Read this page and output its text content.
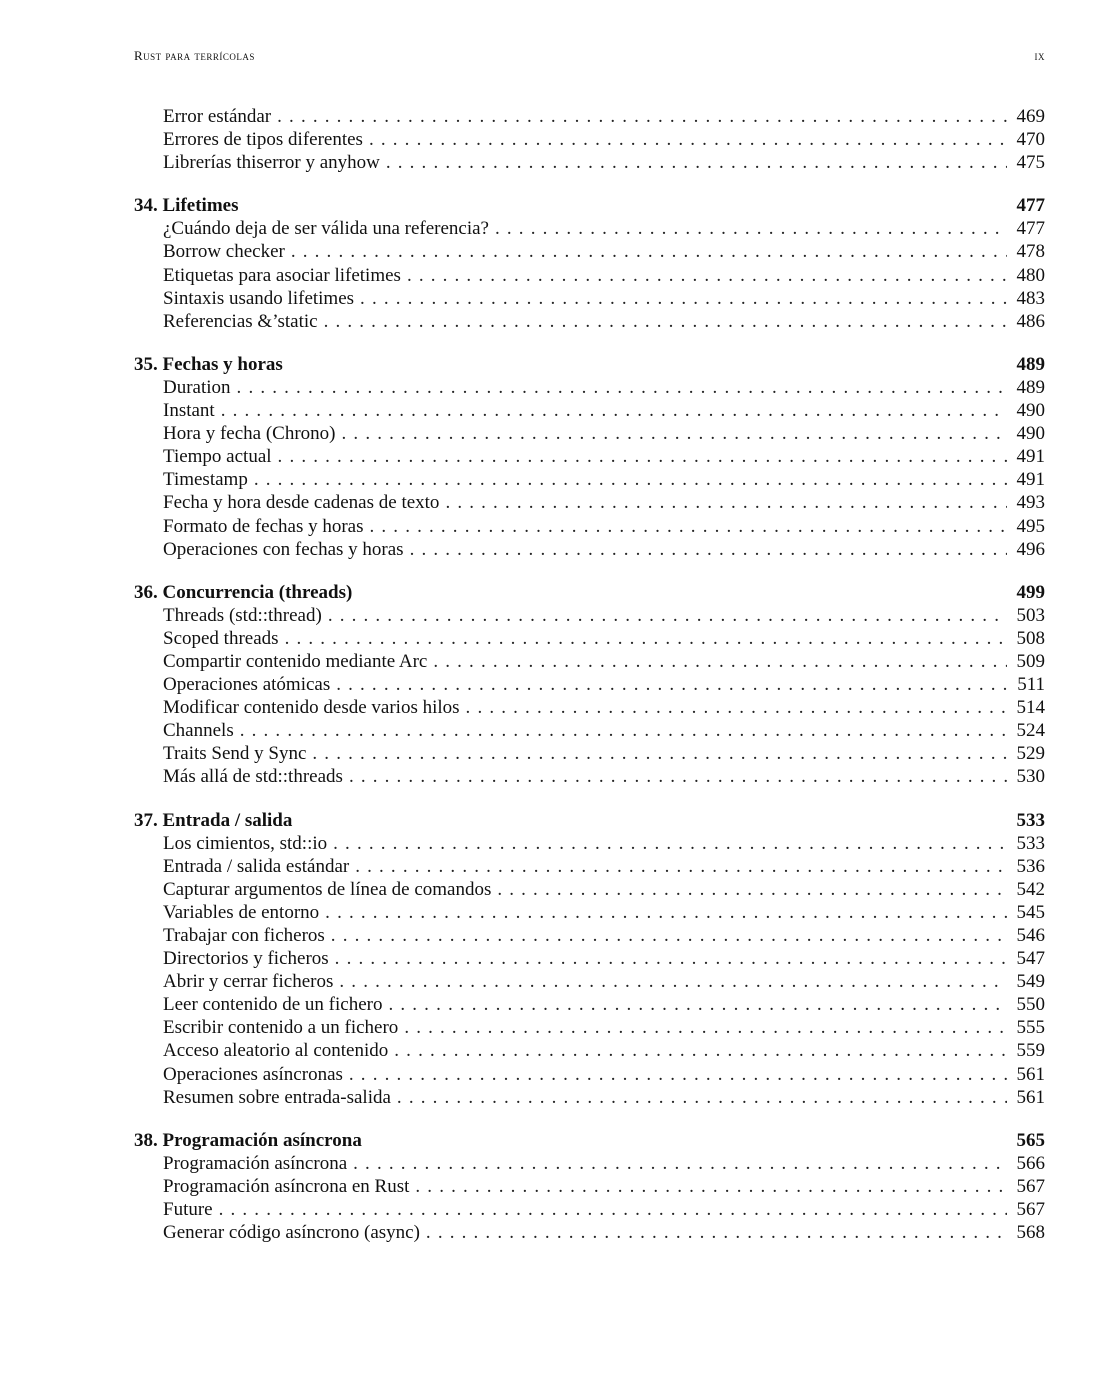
Rust para terrícolas	ix
Error estándar . . .	469
Errores de tipos diferentes . . .	470
Librerías thiserror y anyhow . . .	475
34. Lifetimes	477
¿Cuándo deja de ser válida una referencia? . . .	477
Borrow checker . . .	478
Etiquetas para asociar lifetimes . . .	480
Sintaxis usando lifetimes . . .	483
Referencias &’static . . .	486
35. Fechas y horas	489
Duration . . .	489
Instant . . .	490
Hora y fecha (Chrono) . . .	490
Tiempo actual . . .	491
Timestamp . . .	491
Fecha y hora desde cadenas de texto . . .	493
Formato de fechas y horas . . .	495
Operaciones con fechas y horas . . .	496
36. Concurrencia (threads)	499
Threads (std::thread) . . .	503
Scoped threads . . .	508
Compartir contenido mediante Arc . . .	509
Operaciones atómicas . . .	511
Modificar contenido desde varios hilos . . .	514
Channels . . .	524
Traits Send y Sync . . .	529
Más allá de std::threads . . .	530
37. Entrada / salida	533
Los cimientos, std::io . . .	533
Entrada / salida estándar . . .	536
Capturar argumentos de línea de comandos . . .	542
Variables de entorno . . .	545
Trabajar con ficheros . . .	546
Directorios y ficheros . . .	547
Abrir y cerrar ficheros . . .	549
Leer contenido de un fichero . . .	550
Escribir contenido a un fichero . . .	555
Acceso aleatorio al contenido . . .	559
Operaciones asíncronas . . .	561
Resumen sobre entrada-salida . . .	561
38. Programación asíncrona	565
Programación asíncrona . . .	566
Programación asíncrona en Rust . . .	567
Future . . .	567
Generar código asíncrono (async) . . .	568
